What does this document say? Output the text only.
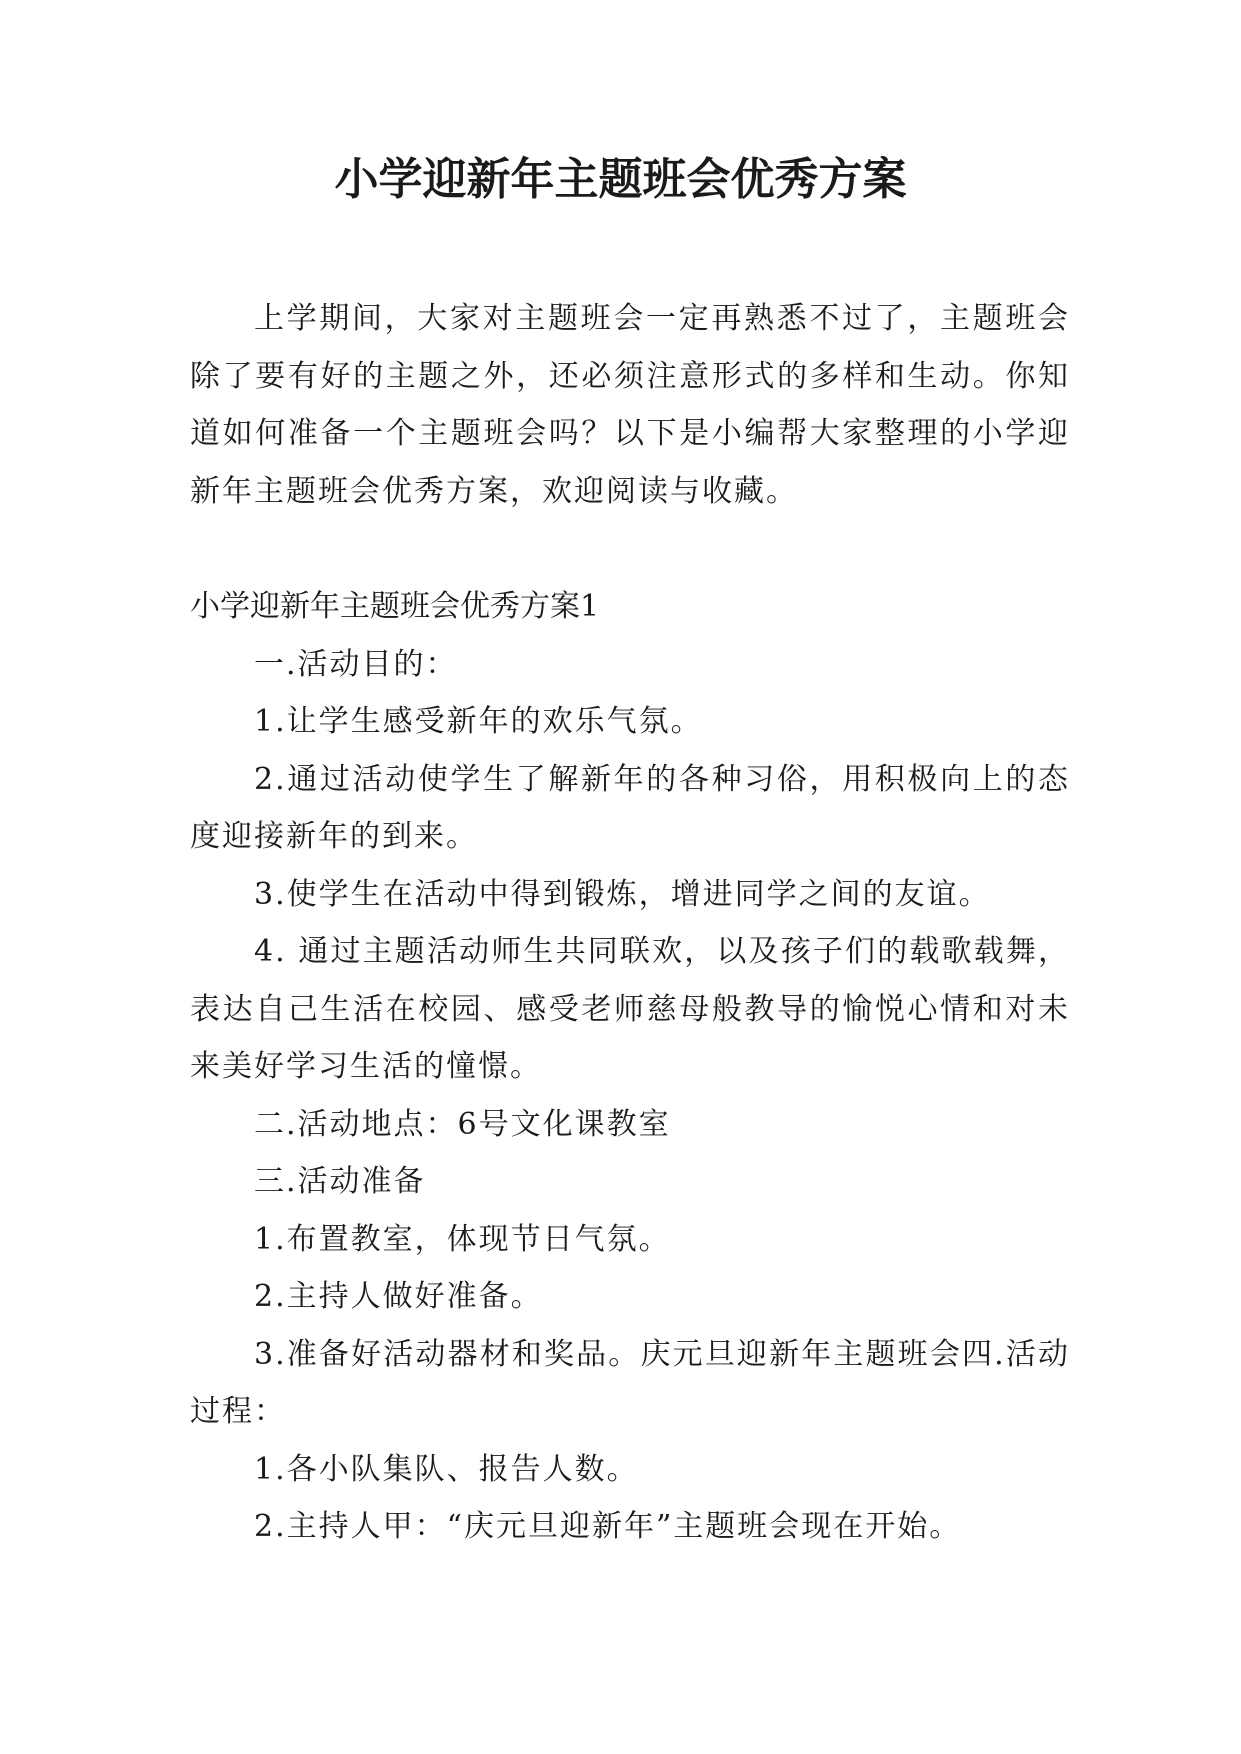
小学迎新年主题班会优秀方案

上学期间，大家对主题班会一定再熟悉不过了，主题班会除了要有好的主题之外，还必须注意形式的多样和生动。你知道如何准备一个主题班会吗？以下是小编帮大家整理的小学迎新年主题班会优秀方案，欢迎阅读与收藏。

小学迎新年主题班会优秀方案1

一.活动目的：

1.让学生感受新年的欢乐气氛。

2.通过活动使学生了解新年的各种习俗，用积极向上的态度迎接新年的到来。

3.使学生在活动中得到锻炼，增进同学之间的友谊。

4. 通过主题活动师生共同联欢，以及孩子们的载歌载舞，表达自己生活在校园、感受老师慈母般教导的愉悦心情和对未来美好学习生活的憧憬。

二.活动地点：6号文化课教室

三.活动准备

1.布置教室，体现节日气氛。

2.主持人做好准备。

3.准备好活动器材和奖品。庆元旦迎新年主题班会四.活动过程：

1.各小队集队、报告人数。

2.主持人甲：“庆元旦迎新年”主题班会现在开始。
